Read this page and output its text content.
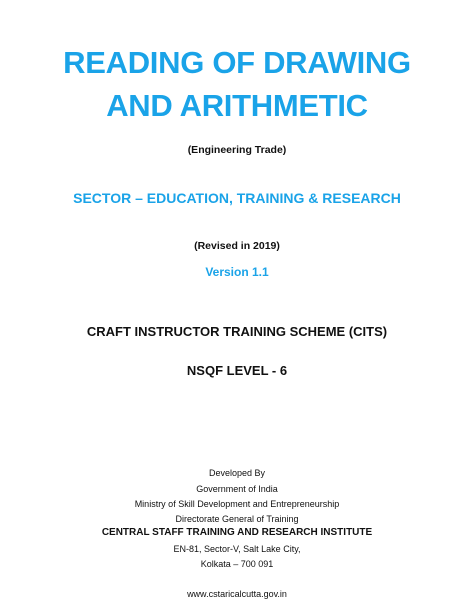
READING OF DRAWING
AND ARITHMETIC
(Engineering Trade)
SECTOR – EDUCATION, TRAINING & RESEARCH
(Revised in 2019)
Version 1.1
CRAFT INSTRUCTOR TRAINING SCHEME (CITS)
NSQF LEVEL - 6
Developed By
Government of India
Ministry of Skill Development and Entrepreneurship
Directorate General of Training
CENTRAL STAFF TRAINING AND RESEARCH INSTITUTE
EN-81, Sector-V, Salt Lake City,
Kolkata – 700 091
www.cstaricalcutta.gov.in
